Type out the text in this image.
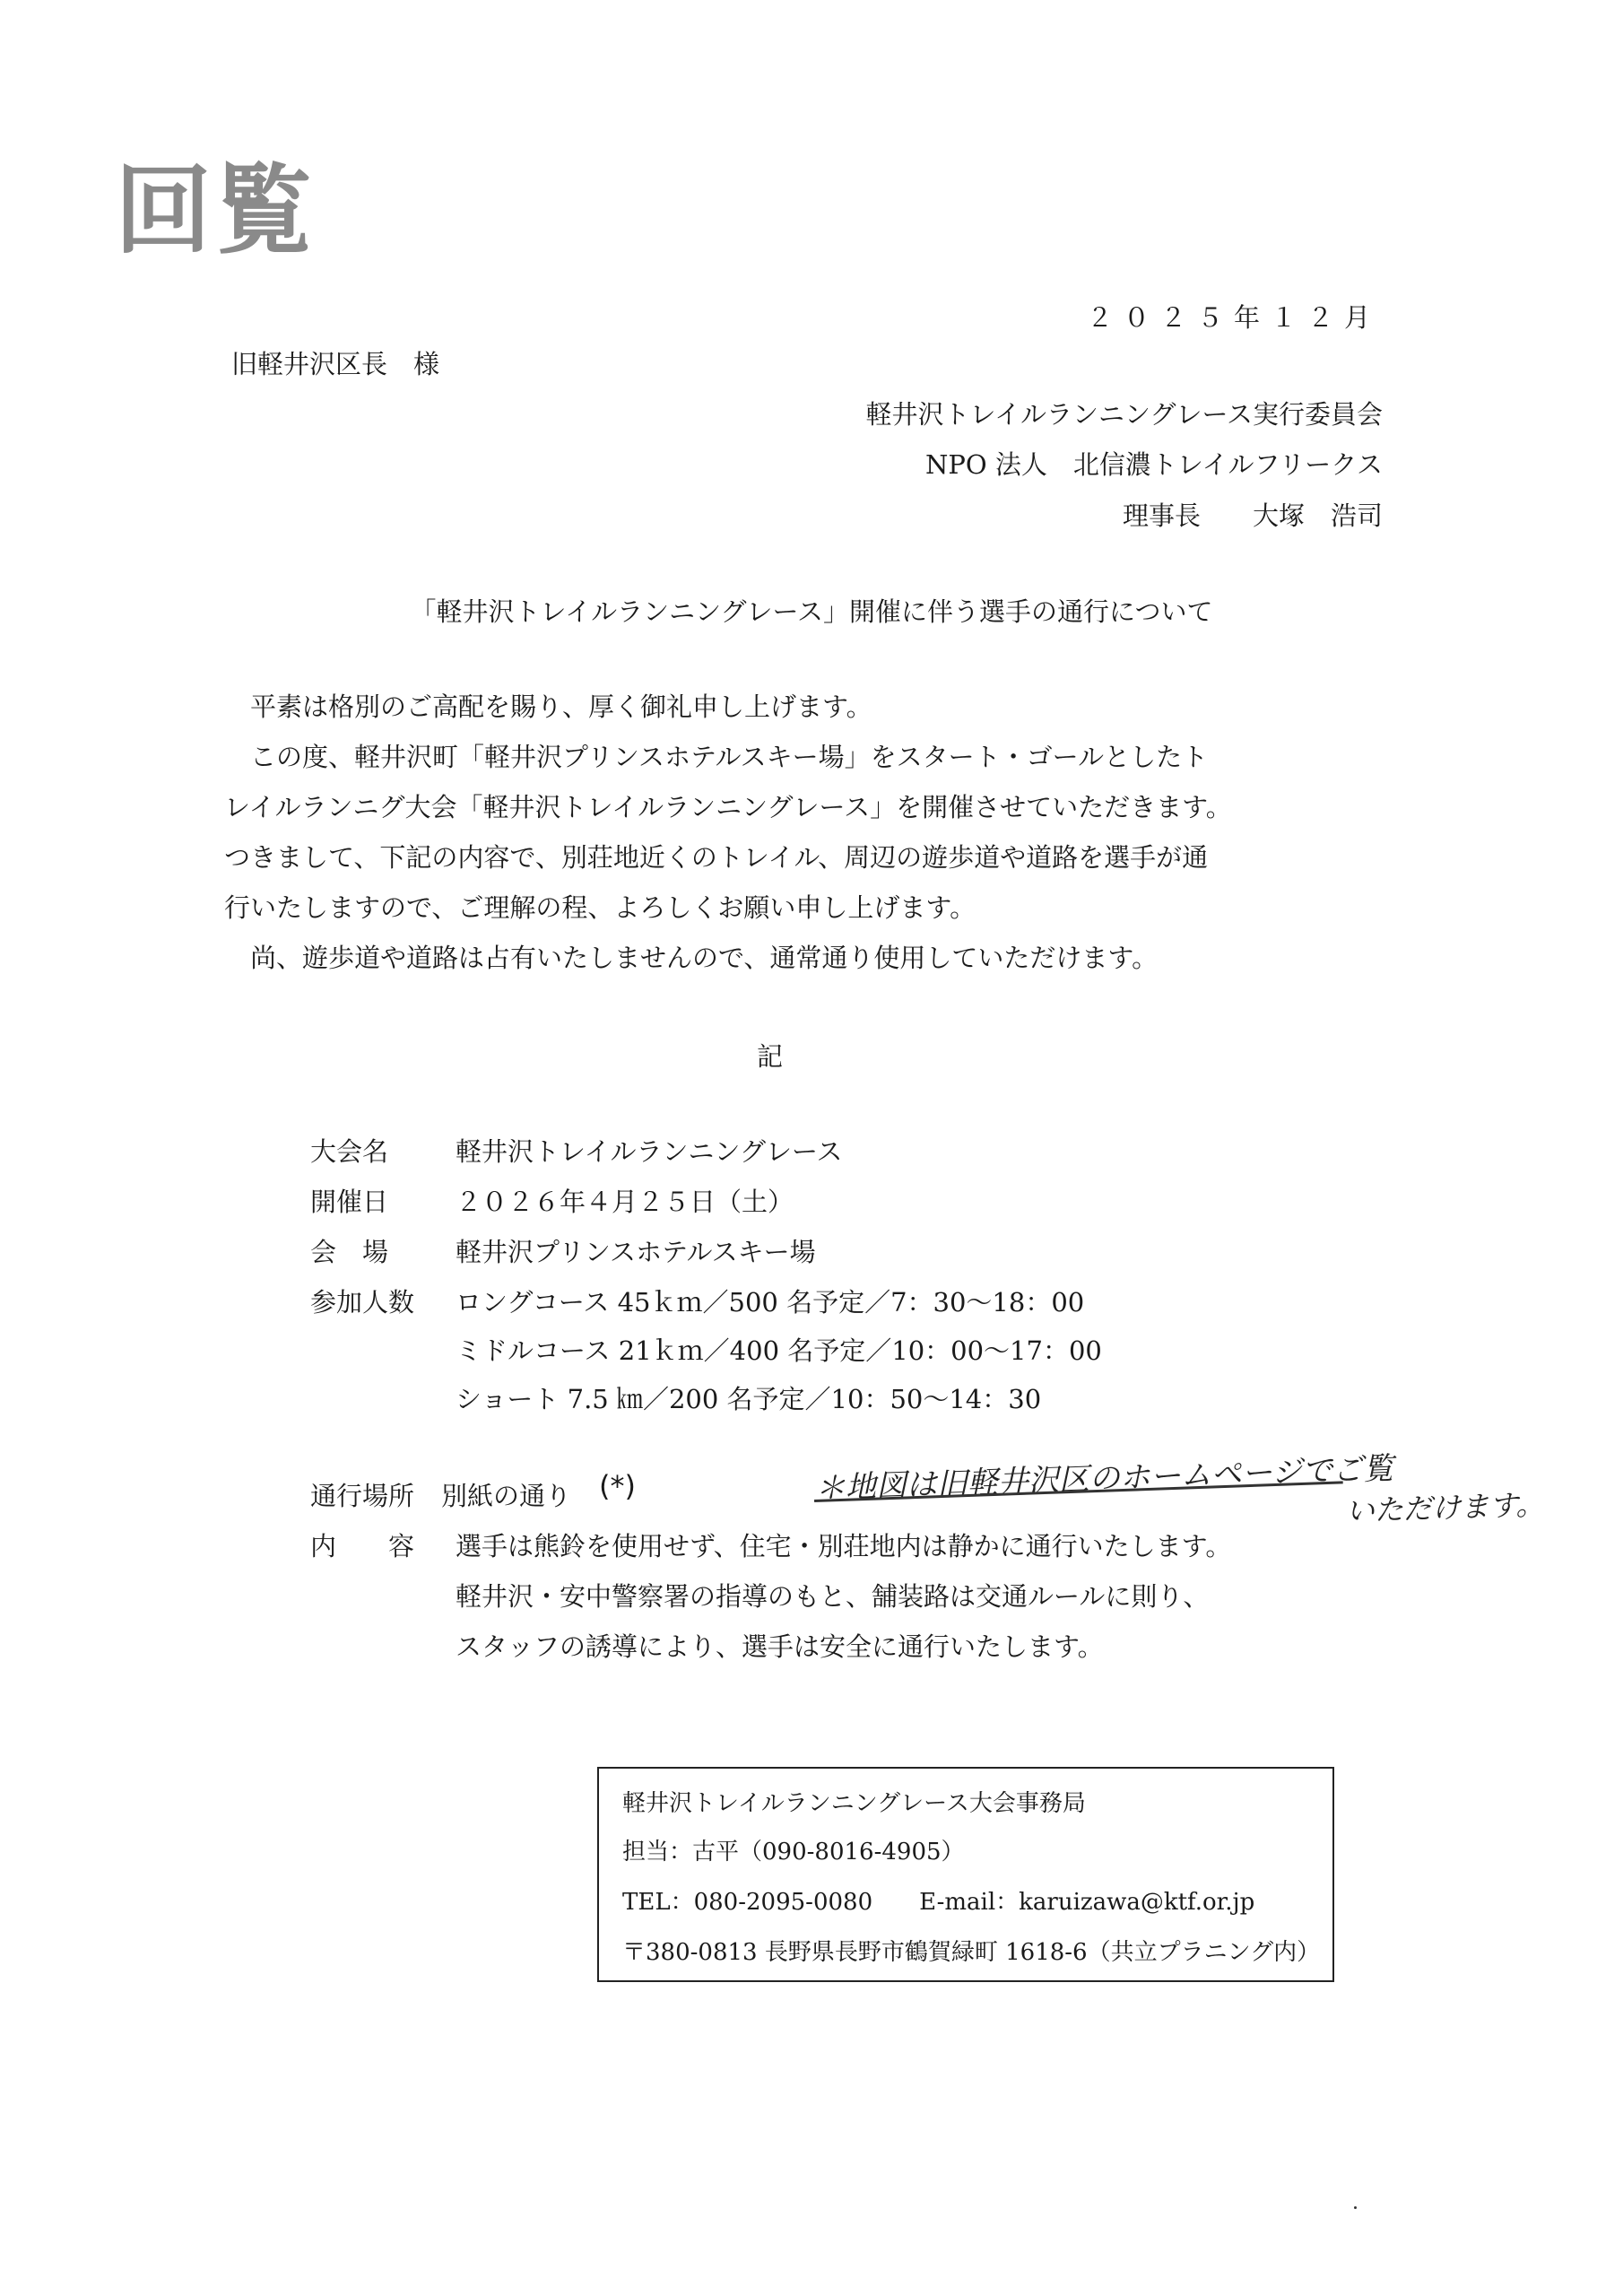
回覧
２０２５年１２月
旧軽井沢区長　様
軽井沢トレイルランニングレース実行委員会
NPO 法人　北信濃トレイルフリークス
理事長　　大塚　浩司
「軽井沢トレイルランニングレース」開催に伴う選手の通行について
　平素は格別のご高配を賜り、厚く御礼申し上げます。
　この度、軽井沢町「軽井沢プリンスホテルスキー場」をスタート・ゴールとしたト
レイルランニグ大会「軽井沢トレイルランニングレース」を開催させていただきます。
つきまして、下記の内容で、別荘地近くのトレイル、周辺の遊歩道や道路を選手が通
行いたしますので、ご理解の程、よろしくお願い申し上げます。
　尚、遊歩道や道路は占有いたしませんので、通常通り使用していただけます。
記
大会名	軽井沢トレイルランニングレース
開催日	２０２６年４月２５日（土）
会　場	軽井沢プリンスホテルスキー場
参加人数 ロングコース 45ｋｍ／500 名予定／7：30～18：00
ミドルコース 21ｋｍ／400 名予定／10：00～17：00
ショート 7.5 ㎞／200 名予定／10：50～14：30
通行場所 別紙の通り (*)	＊地図は旧軽井沢区のホームページでご覧
いただけます。
内　　容 選手は熊鈴を使用せず、住宅・別荘地内は静かに通行いたします。
軽井沢・安中警察署の指導のもと、舗装路は交通ルールに則り、
スタッフの誘導により、選手は安全に通行いたします。
軽井沢トレイルランニングレース大会事務局
担当：古平（090-8016-4905）
TEL：080-2095-0080　　E-mail：karuizawa@ktf.or.jp
〒380-0813 長野県長野市鶴賀緑町 1618-6（共立プラニング内）
